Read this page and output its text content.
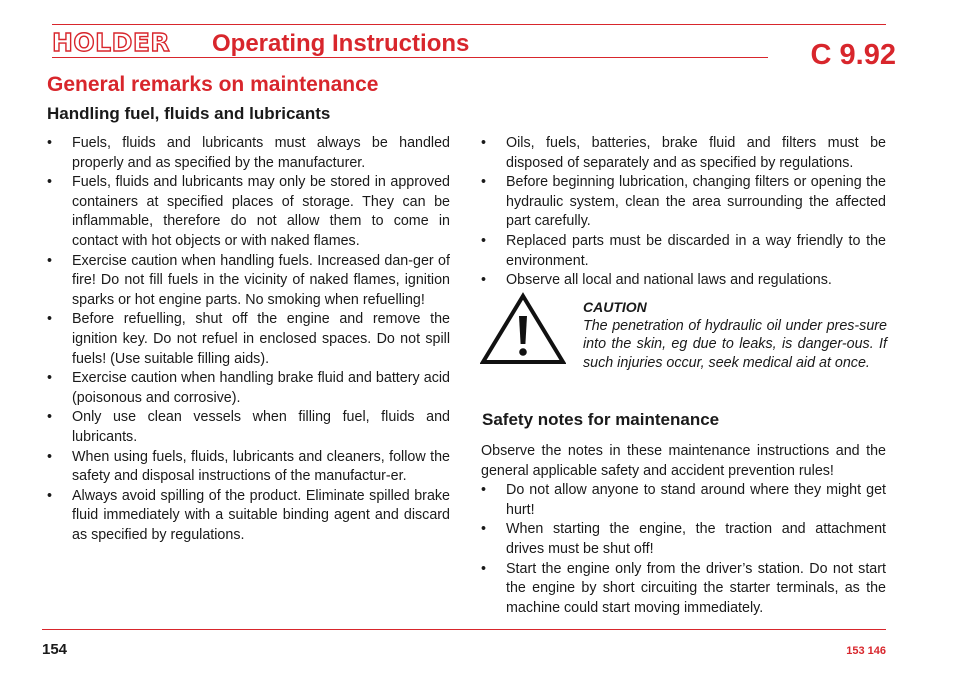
HOLDER Operating Instructions	C 9.92
General remarks on maintenance
Handling fuel, fluids and lubricants
• Fuels, fluids and lubricants must always be handled properly and as specified by the manufacturer.
• Fuels, fluids and lubricants may only be stored in approved containers at specified places of storage. They can be inflammable, therefore do not allow them to come in contact with hot objects or with naked flames.
• Exercise caution when handling fuels. Increased dan-ger of fire! Do not fill fuels in the vicinity of naked flames, ignition sparks or hot engine parts. No smoking when refuelling!
• Before refuelling, shut off the engine and remove the ignition key. Do not refuel in enclosed spaces. Do not spill fuels! (Use suitable filling aids).
• Exercise caution when handling brake fluid and battery acid (poisonous and corrosive).
• Only use clean vessels when filling fuel, fluids and lubricants.
• When using fuels, fluids, lubricants and cleaners, follow the safety and disposal instructions of the manufactur-er.
• Always avoid spilling of the product. Eliminate spilled brake fluid immediately with a suitable binding agent and discard as specified by regulations.
• Oils, fuels, batteries, brake fluid and filters must be disposed of separately and as specified by regulations.
• Before beginning lubrication, changing filters or opening the hydraulic system, clean the area surrounding the affected part carefully.
• Replaced parts must be discarded in a way friendly to the environment.
• Observe all local and national laws and regulations.
CAUTION
The penetration of hydraulic oil under pres-sure into the skin, eg due to leaks, is danger-ous. If such injuries occur, seek medical aid at once.
Safety notes for maintenance

Observe the notes in these maintenance instructions and the general applicable safety and accident prevention rules!

• Do not allow anyone to stand around where they might get hurt!
• When starting the engine, the traction and attachment drives must be shut off!
• Start the engine only from the driver’s station. Do not start the engine by short circuiting the starter terminals, as the machine could start moving immediately.
154	153 146
